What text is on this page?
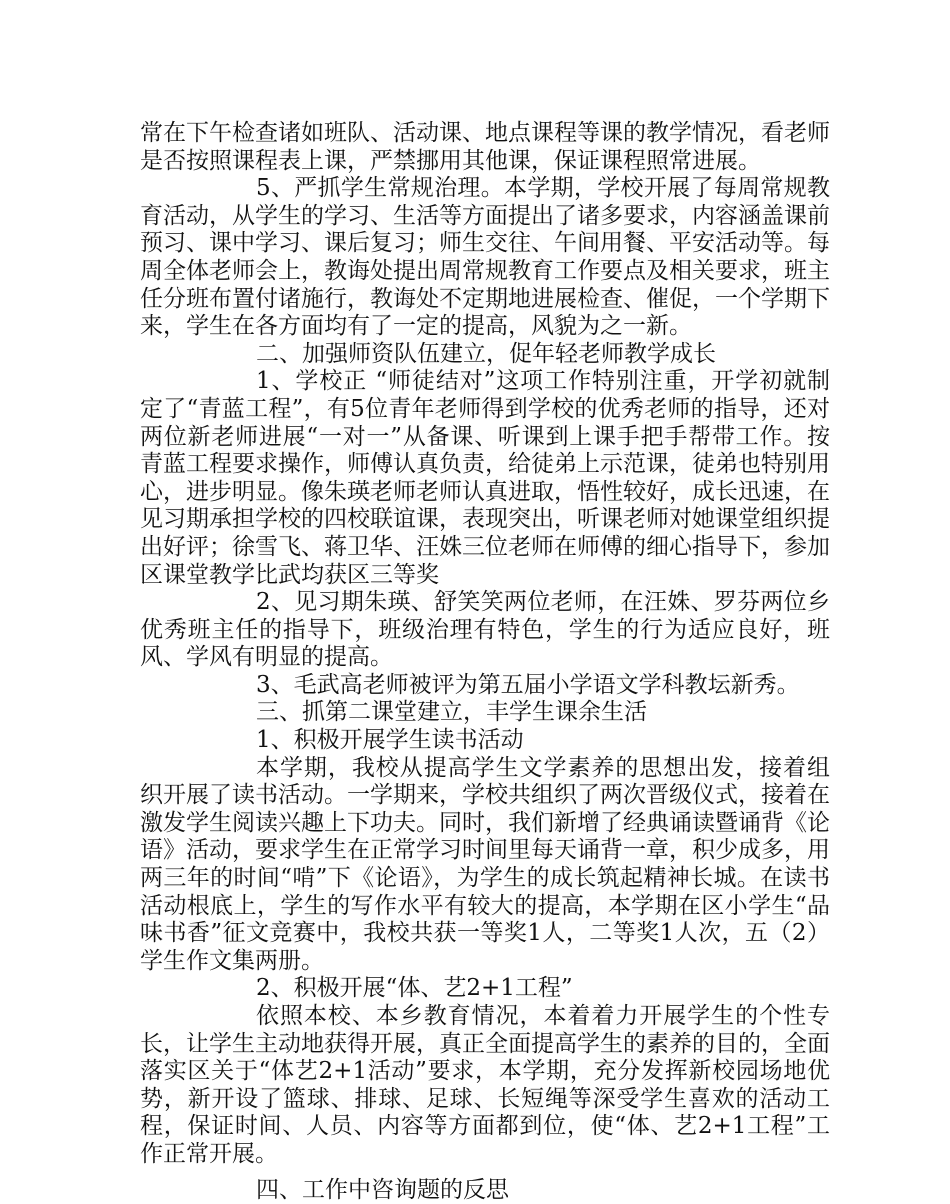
常在下午检查诸如班队、活动课、地点课程等课的教学情况，看老师是否按照课程表上课，严禁挪用其他课，保证课程照常进展。

5、严抓学生常规治理。本学期，学校开展了每周常规教育活动，从学生的学习、生活等方面提出了诸多要求，内容涵盖课前预习、课中学习、课后复习；师生交往、午间用餐、平安活动等。每周全体老师会上，教诲处提出周常规教育工作要点及相关要求，班主任分班布置付诸施行，教诲处不定期地进展检查、催促，一个学期下来，学生在各方面均有了一定的提高，风貌为之一新。

二、加强师资队伍建立，促年轻老师教学成长

1、学校正 “师徒结对”这项工作特别注重，开学初就制定了“青蓝工程”，有5位青年老师得到学校的优秀老师的指导，还对两位新老师进展“一对一”从备课、听课到上课手把手帮带工作。按青蓝工程要求操作，师傅认真负责，给徒弟上示范课，徒弟也特别用心，进步明显。像朱瑛老师老师认真进取，悟性较好，成长迅速，在见习期承担学校的四校联谊课，表现突出，听课老师对她课堂组织提出好评；徐雪飞、蒋卫华、汪姝三位老师在师傅的细心指导下，参加区课堂教学比武均获区三等奖

2、见习期朱瑛、舒笑笑两位老师，在汪姝、罗芬两位乡优秀班主任的指导下，班级治理有特色，学生的行为适应良好，班风、学风有明显的提高。

3、毛武高老师被评为第五届小学语文学科教坛新秀。

三、抓第二课堂建立，丰学生课余生活

1、积极开展学生读书活动

本学期，我校从提高学生文学素养的思想出发，接着组织开展了读书活动。一学期来，学校共组织了两次晋级仪式，接着在激发学生阅读兴趣上下功夫。同时，我们新增了经典诵读暨诵背《论语》活动，要求学生在正常学习时间里每天诵背一章，积少成多，用两三年的时间“啃”下《论语》，为学生的成长筑起精神长城。在读书活动根底上，学生的写作水平有较大的提高，本学期在区小学生“品味书香”征文竞赛中，我校共获一等奖1人，二等奖1人次，五（2）学生作文集两册。

2、积极开展“体、艺2+1工程”

依照本校、本乡教育情况，本着着力开展学生的个性专长，让学生主动地获得开展，真正全面提高学生的素养的目的，全面落实区关于“体艺2+1活动”要求，本学期，充分发挥新校园场地优势，新开设了篮球、排球、足球、长短绳等深受学生喜欢的活动工程，保证时间、人员、内容等方面都到位，使“体、艺2+1工程”工作正常开展。

四、工作中咨询题的反思
